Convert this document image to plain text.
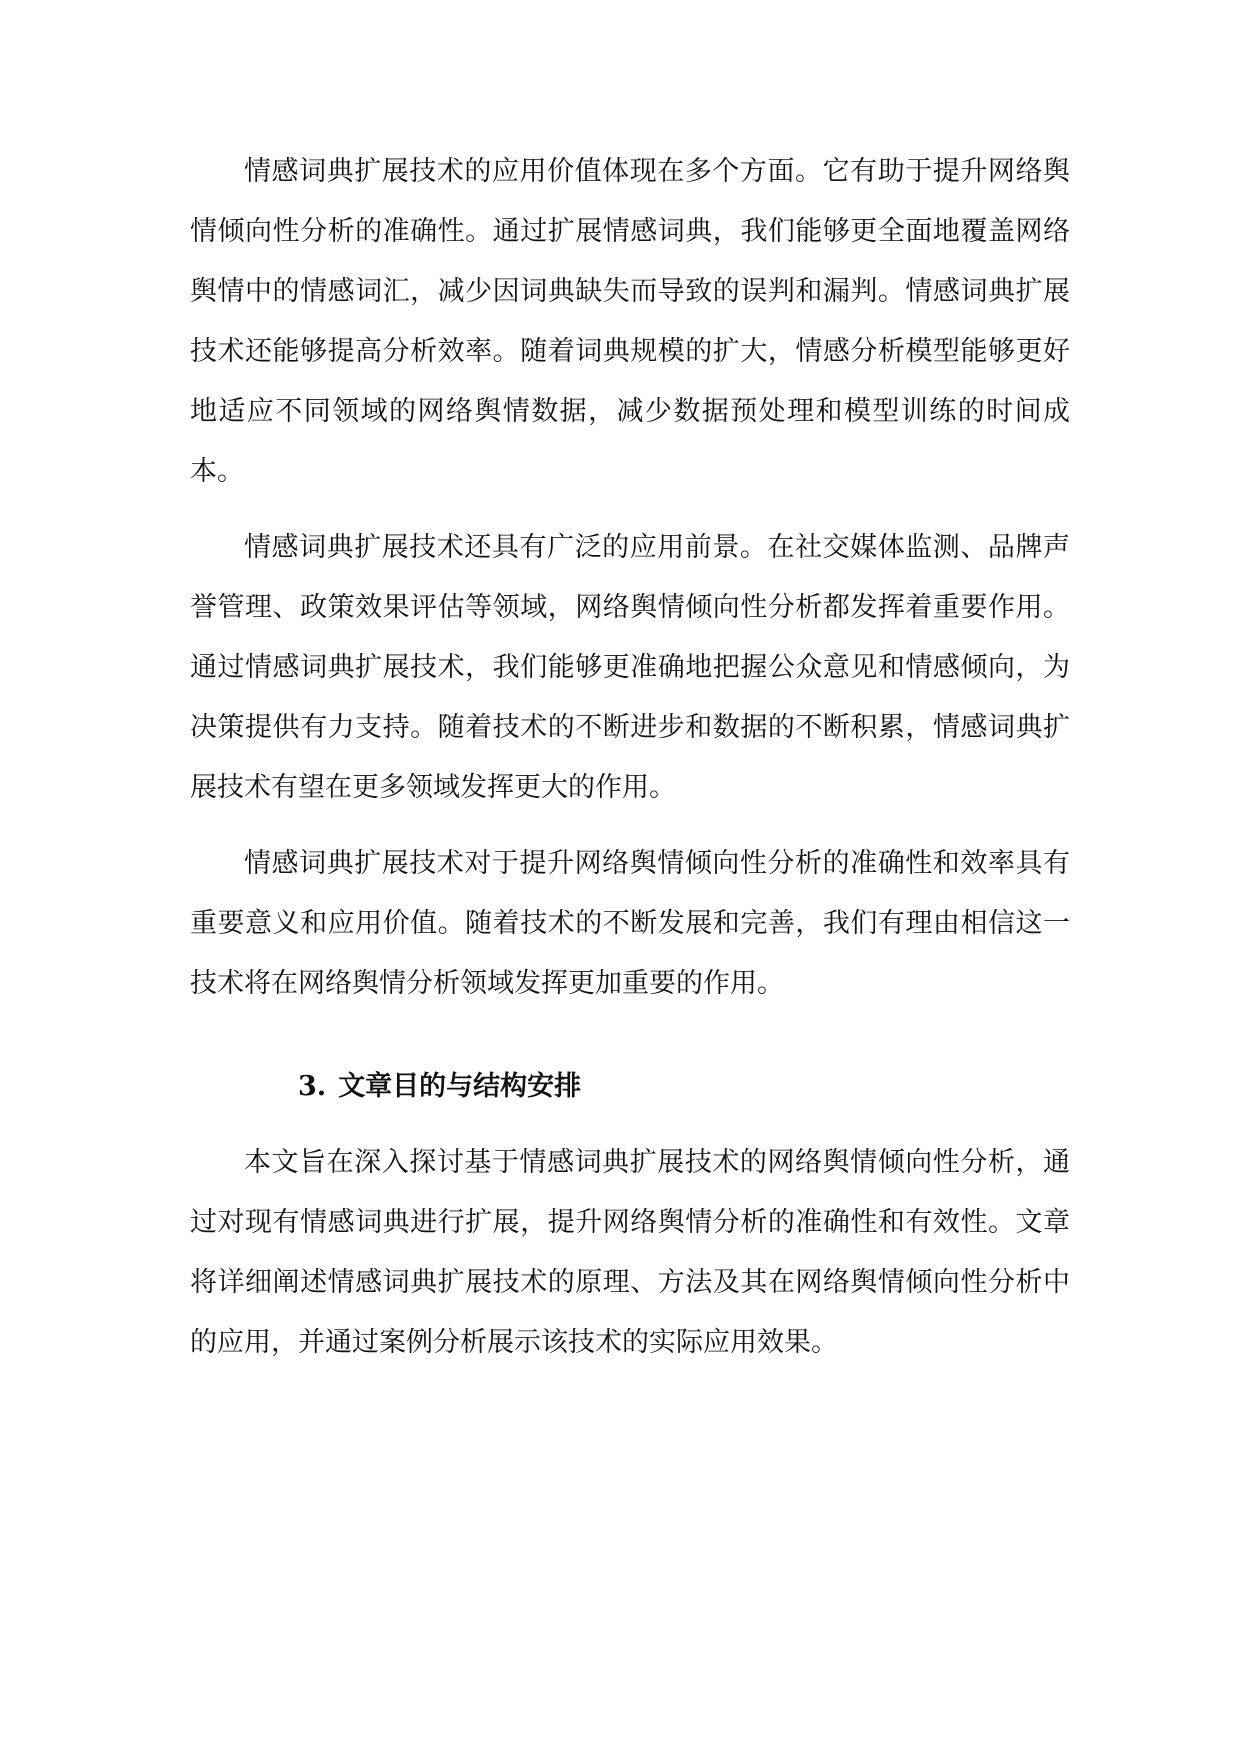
情感词典扩展技术的应用价值体现在多个方面。它有助于提升网络舆情倾向性分析的准确性。通过扩展情感词典，我们能够更全面地覆盖网络舆情中的情感词汇，减少因词典缺失而导致的误判和漏判。情感词典扩展技术还能够提高分析效率。随着词典规模的扩大，情感分析模型能够更好地适应不同领域的网络舆情数据，减少数据预处理和模型训练的时间成本。

情感词典扩展技术还具有广泛的应用前景。在社交媒体监测、品牌声誉管理、政策效果评估等领域，网络舆情倾向性分析都发挥着重要作用。通过情感词典扩展技术，我们能够更准确地把握公众意见和情感倾向，为决策提供有力支持。随着技术的不断进步和数据的不断积累，情感词典扩展技术有望在更多领域发挥更大的作用。

情感词典扩展技术对于提升网络舆情倾向性分析的准确性和效率具有重要意义和应用价值。随着技术的不断发展和完善，我们有理由相信这一技术将在网络舆情分析领域发挥更加重要的作用。

3. 文章目的与结构安排

本文旨在深入探讨基于情感词典扩展技术的网络舆情倾向性分析，通过对现有情感词典进行扩展，提升网络舆情分析的准确性和有效性。文章将详细阐述情感词典扩展技术的原理、方法及其在网络舆情倾向性分析中的应用，并通过案例分析展示该技术的实际应用效果。
